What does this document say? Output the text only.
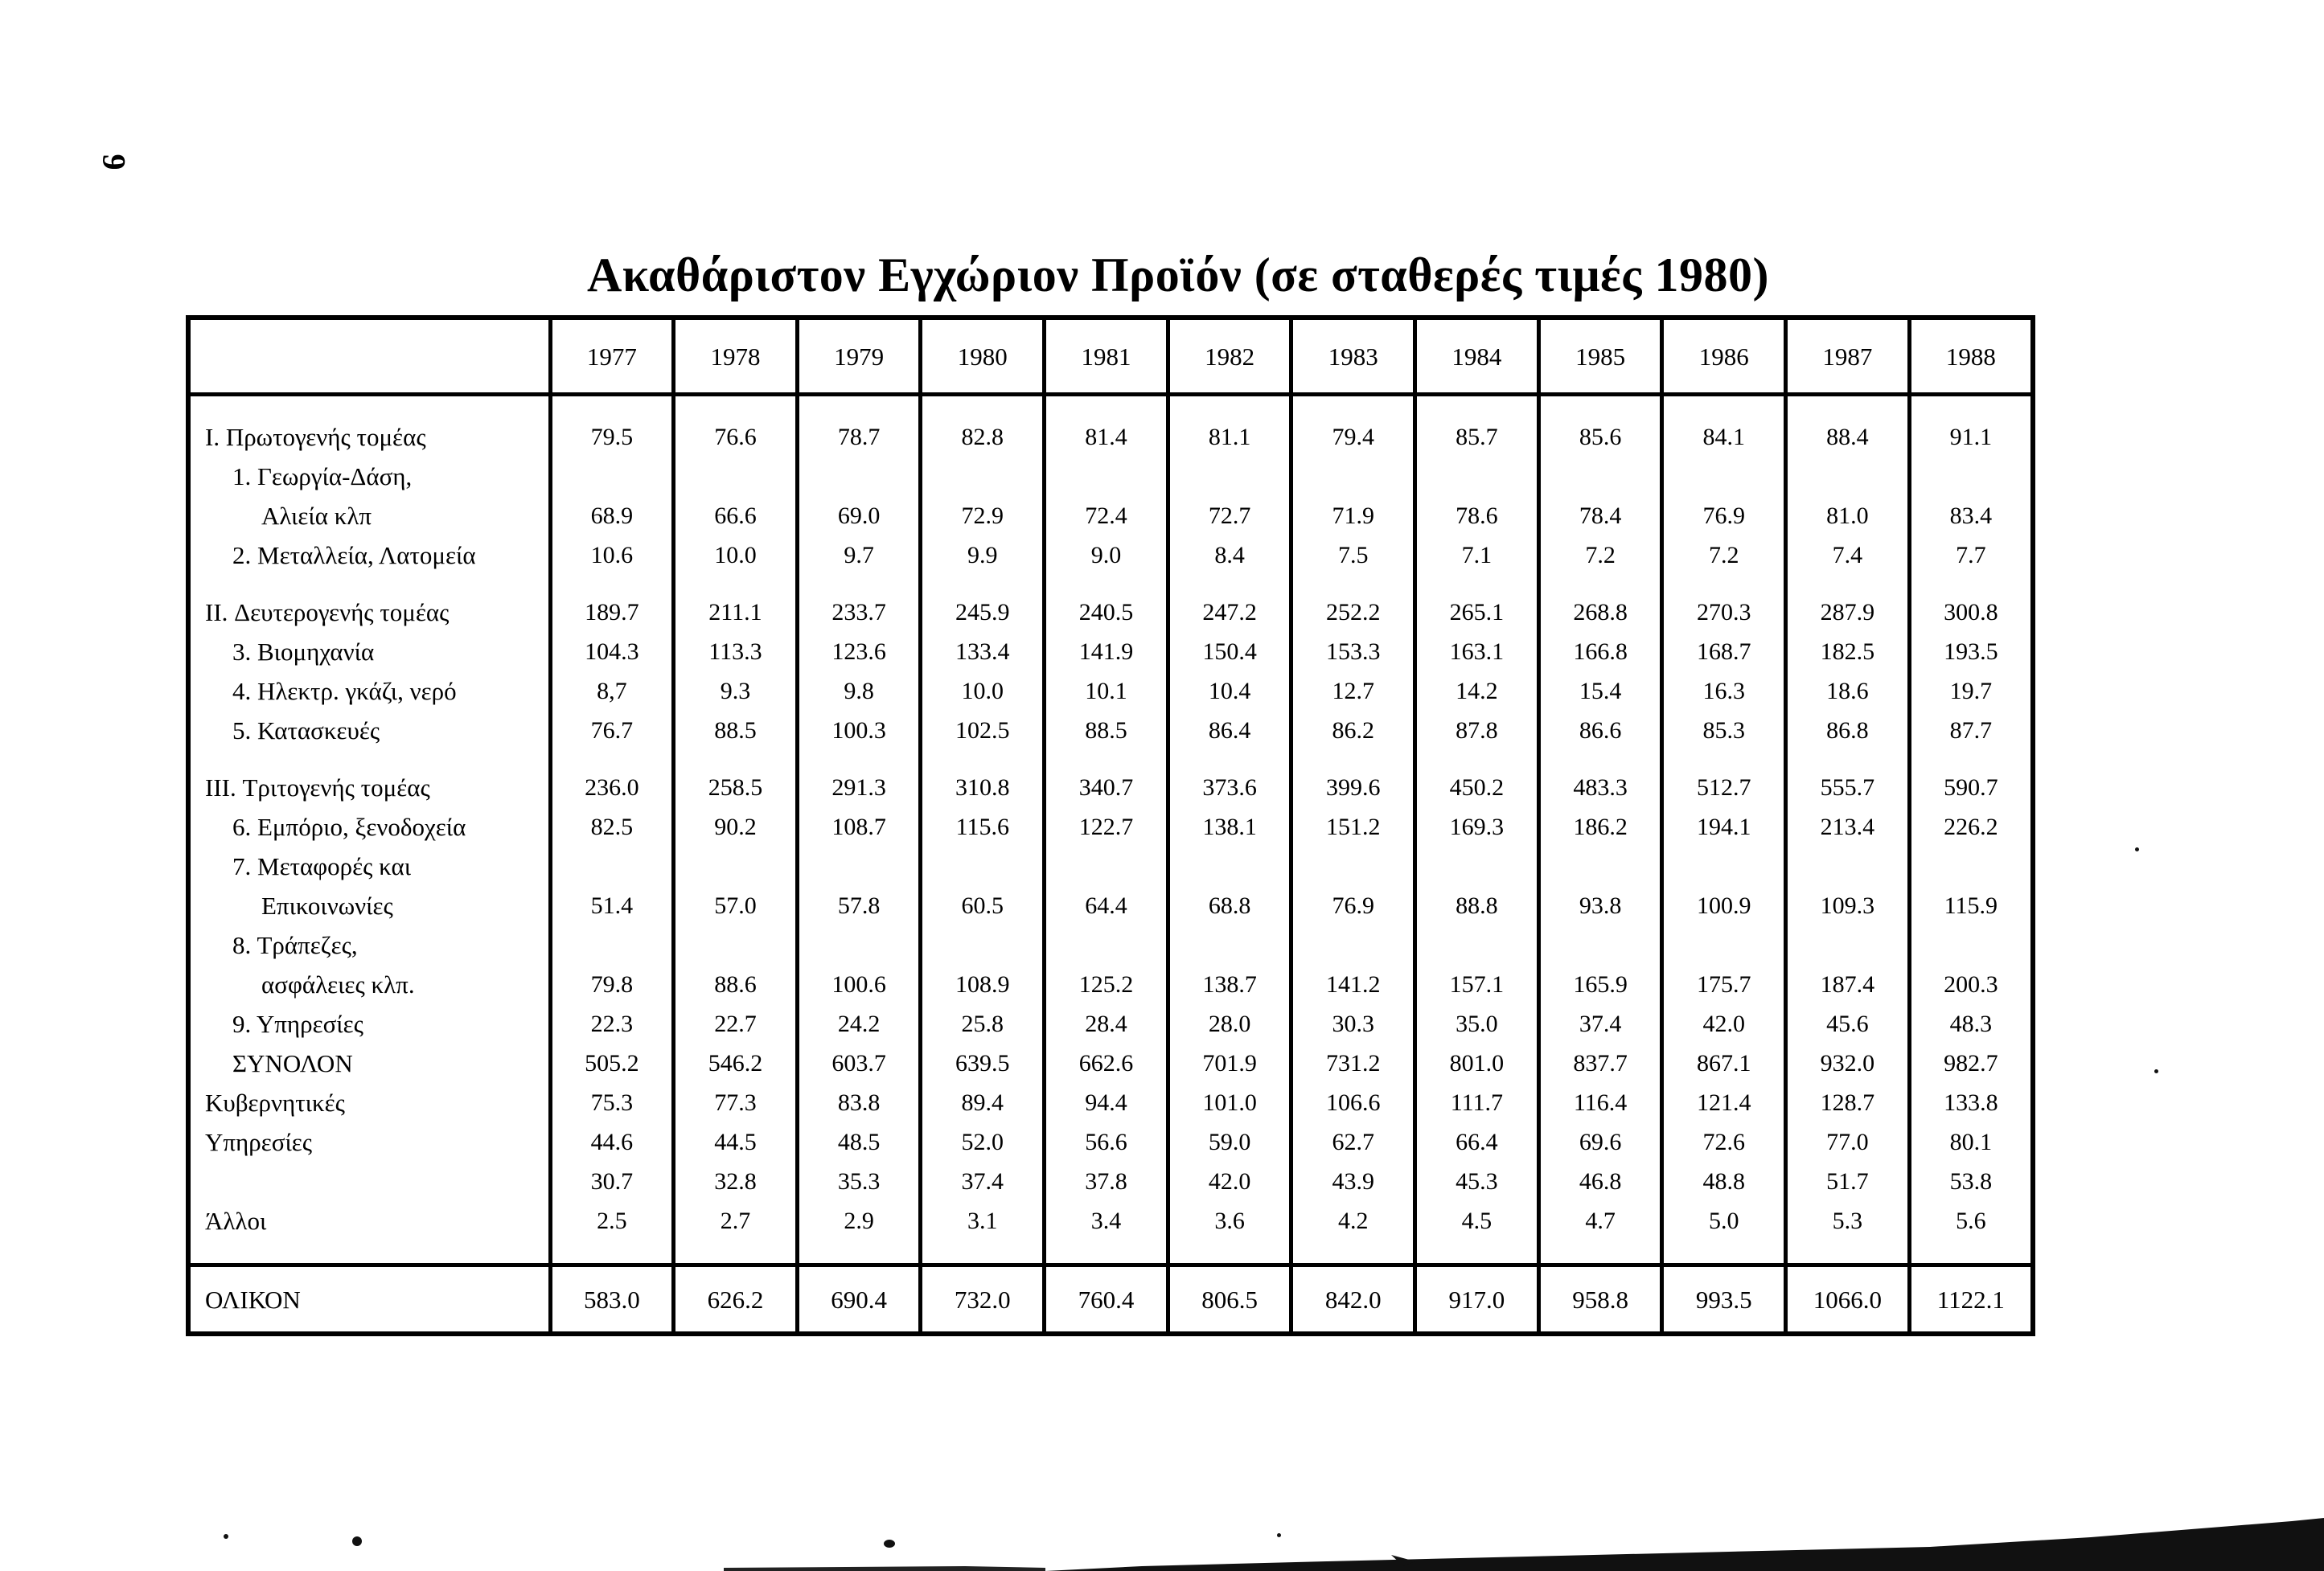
9
Ακαθάριστον Εγχώριον Προϊόν (σε σταθερές τιμές 1980)
	1977	1978	1979	1980	1981	1982	1983	1984	1985	1986	1987	1988

I. Πρωτογενής τομέας	79.5	76.6	78.7	82.8	81.4	81.1	79.4	85.7	85.6	84.1	88.4	91.1
1. Γεωργία-Δάση,												
Αλιεία κλπ	68.9	66.6	69.0	72.9	72.4	72.7	71.9	78.6	78.4	76.9	81.0	83.4
2. Μεταλλεία, Λατομεία	10.6	10.0	9.7	9.9	9.0	8.4	7.5	7.1	7.2	7.2	7.4	7.7

II. Δευτερογενής τομέας	189.7	211.1	233.7	245.9	240.5	247.2	252.2	265.1	268.8	270.3	287.9	300.8
3. Βιομηχανία	104.3	113.3	123.6	133.4	141.9	150.4	153.3	163.1	166.8	168.7	182.5	193.5
4. Ηλεκτρ. γκάζι, νερό	8,7	9.3	9.8	10.0	10.1	10.4	12.7	14.2	15.4	16.3	18.6	19.7
5. Κατασκευές	76.7	88.5	100.3	102.5	88.5	86.4	86.2	87.8	86.6	85.3	86.8	87.7

III. Τριτογενής τομέας	236.0	258.5	291.3	310.8	340.7	373.6	399.6	450.2	483.3	512.7	555.7	590.7
6. Εμπόριο, ξενοδοχεία	82.5	90.2	108.7	115.6	122.7	138.1	151.2	169.3	186.2	194.1	213.4	226.2
7. Μεταφορές και												
Επικοινωνίες	51.4	57.0	57.8	60.5	64.4	68.8	76.9	88.8	93.8	100.9	109.3	115.9
8. Τράπεζες,												
ασφάλειες κλπ.	79.8	88.6	100.6	108.9	125.2	138.7	141.2	157.1	165.9	175.7	187.4	200.3
9. Υπηρεσίες	22.3	22.7	24.2	25.8	28.4	28.0	30.3	35.0	37.4	42.0	45.6	48.3
ΣΥΝΟΛΟΝ	505.2	546.2	603.7	639.5	662.6	701.9	731.2	801.0	837.7	867.1	932.0	982.7
Κυβερνητικές	75.3	77.3	83.8	89.4	94.4	101.0	106.6	111.7	116.4	121.4	128.7	133.8
Υπηρεσίες	44.6	44.5	48.5	52.0	56.6	59.0	62.7	66.4	69.6	72.6	77.0	80.1
	30.7	32.8	35.3	37.4	37.8	42.0	43.9	45.3	46.8	48.8	51.7	53.8
Άλλοι	2.5	2.7	2.9	3.1	3.4	3.6	4.2	4.5	4.7	5.0	5.3	5.6

ΟΛΙΚΟΝ	583.0	626.2	690.4	732.0	760.4	806.5	842.0	917.0	958.8	993.5	1066.0	1122.1
